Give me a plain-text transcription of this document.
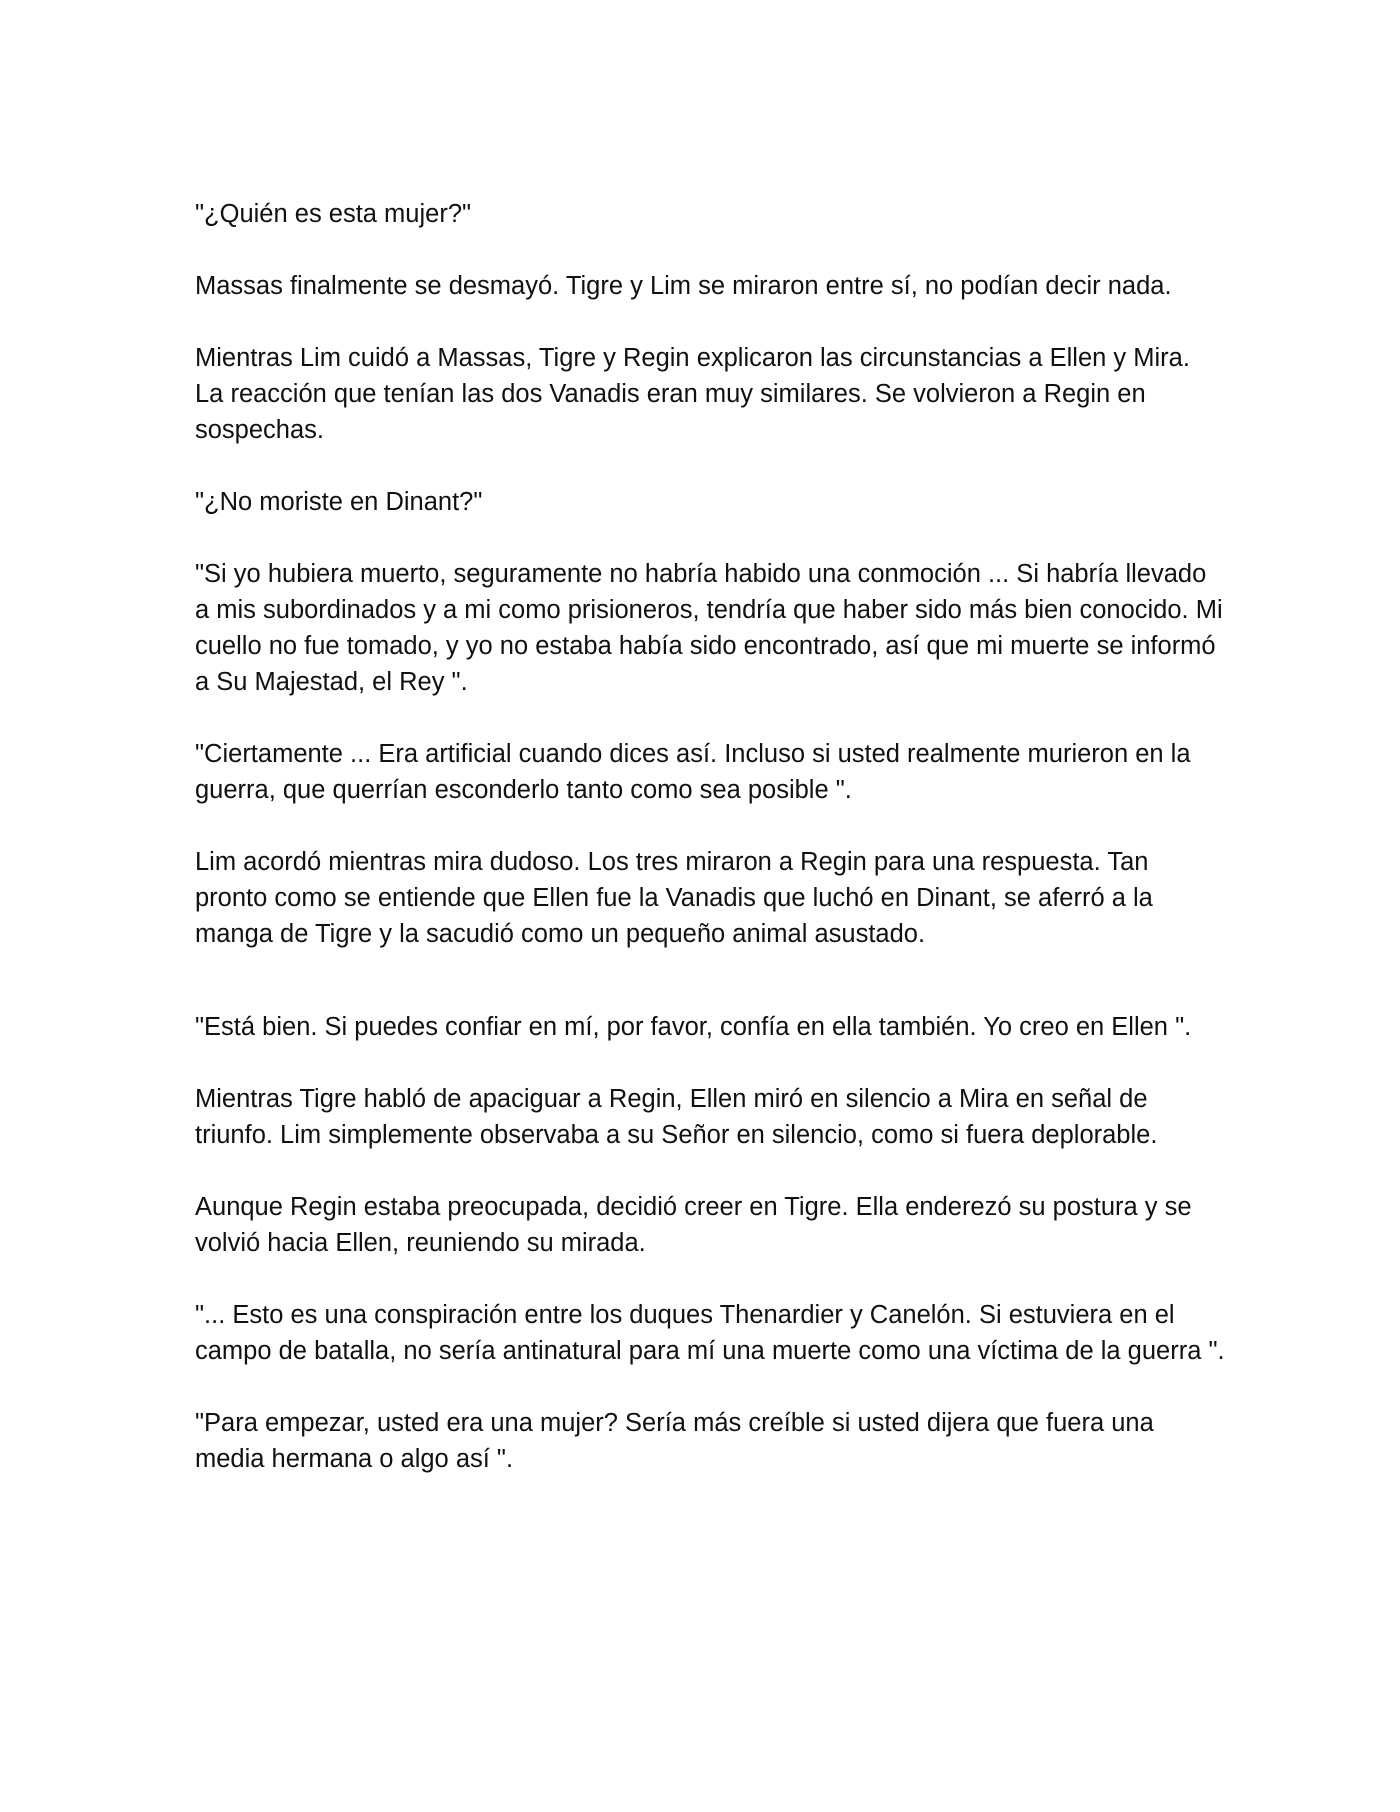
"¿Quién es esta mujer?"

Massas finalmente se desmayó. Tigre y Lim se miraron entre sí, no podían decir nada.

Mientras Lim cuidó a Massas, Tigre y Regin explicaron las circunstancias a Ellen y Mira. La reacción que tenían las dos Vanadis eran muy similares. Se volvieron a Regin en sospechas.

"¿No moriste en Dinant?"

"Si yo hubiera muerto, seguramente no habría habido una conmoción ... Si habría llevado a mis subordinados y a mi como prisioneros, tendría que haber sido más bien conocido. Mi cuello no fue tomado, y yo no estaba había sido encontrado, así que mi muerte se informó a Su Majestad, el Rey ".

"Ciertamente ... Era artificial cuando dices así. Incluso si usted realmente murieron en la guerra, que querrían esconderlo tanto como sea posible ".

Lim acordó mientras mira dudoso. Los tres miraron a Regin para una respuesta. Tan pronto como se entiende que Ellen fue la Vanadis que luchó en Dinant, se aferró a la manga de Tigre y la sacudió como un pequeño animal asustado.

"Está bien. Si puedes confiar en mí, por favor, confía en ella también. Yo creo en Ellen ".

Mientras Tigre habló de apaciguar a Regin, Ellen miró en silencio a Mira en señal de triunfo. Lim simplemente observaba a su Señor en silencio, como si fuera deplorable.

Aunque Regin estaba preocupada, decidió creer en Tigre. Ella enderezó su postura y se volvió hacia Ellen, reuniendo su mirada.

"... Esto es una conspiración entre los duques Thenardier y Canelón. Si estuviera en el campo de batalla, no sería antinatural para mí una muerte como una víctima de la guerra ".

"Para empezar, usted era una mujer? Sería más creíble si usted dijera que fuera una media hermana o algo así ".
